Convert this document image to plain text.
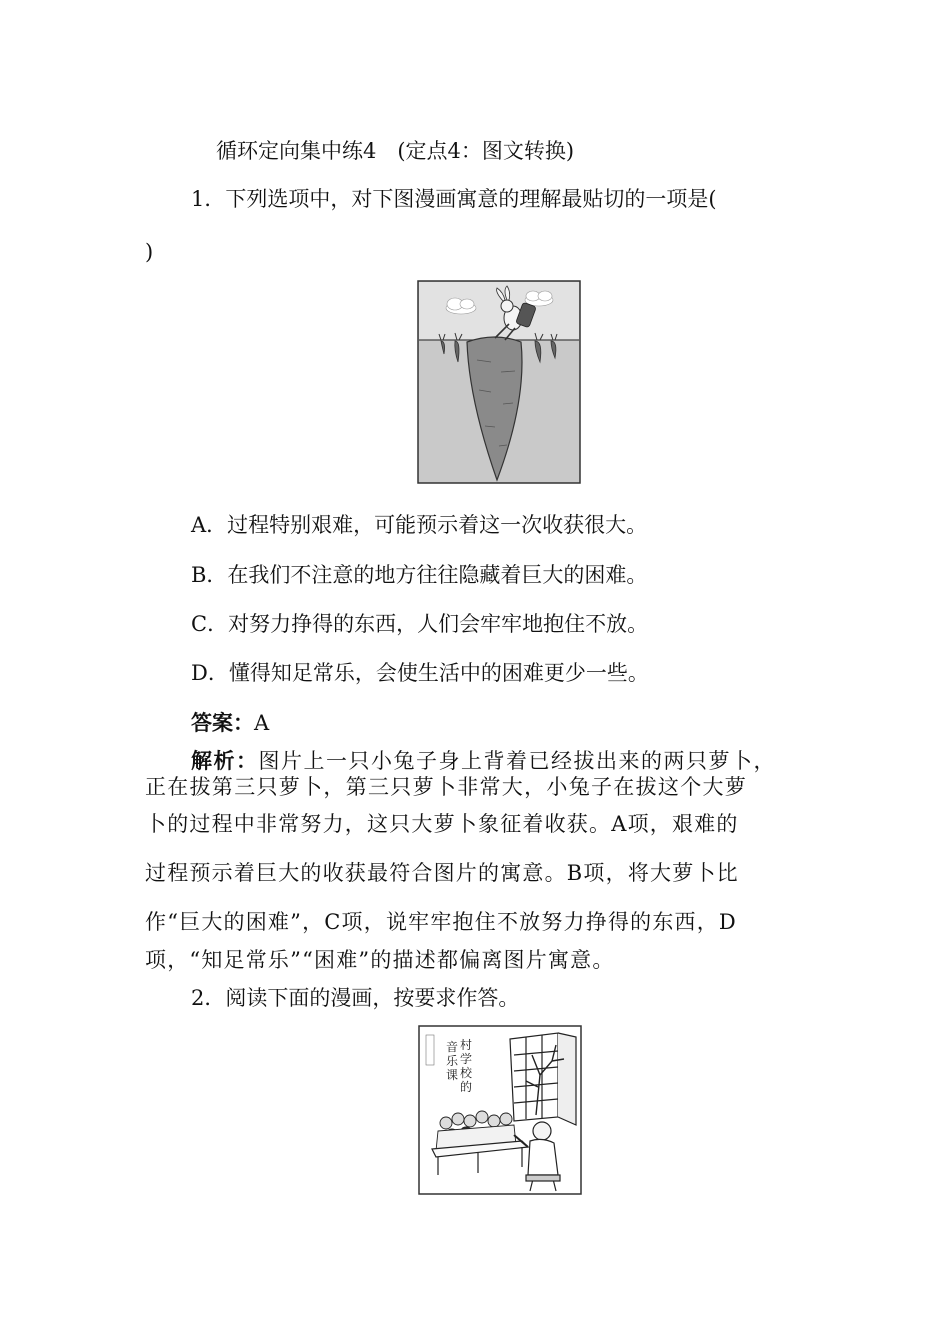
循环定向集中练4　(定点4：图文转换)
1．下列选项中，对下图漫画寓意的理解最贴切的一项是(
)
A．过程特别艰难，可能预示着这一次收获很大。
B．在我们不注意的地方往往隐藏着巨大的困难。
C．对努力挣得的东西，人们会牢牢地抱住不放。
D．懂得知足常乐，会使生活中的困难更少一些。
答案：A
解析：图片上一只小兔子身上背着已经拔出来的两只萝卜，
正在拔第三只萝卜，第三只萝卜非常大，小兔子在拔这个大萝
卜的过程中非常努力，这只大萝卜象征着收获。A项，艰难的
过程预示着巨大的收获最符合图片的寓意。B项，将大萝卜比
作“巨大的困难”，C项，说牢牢抱住不放努力挣得的东西，D
项，“知足常乐”“困难”的描述都偏离图片寓意。
2．阅读下面的漫画，按要求作答。
村
学
校
的
音
乐
课
